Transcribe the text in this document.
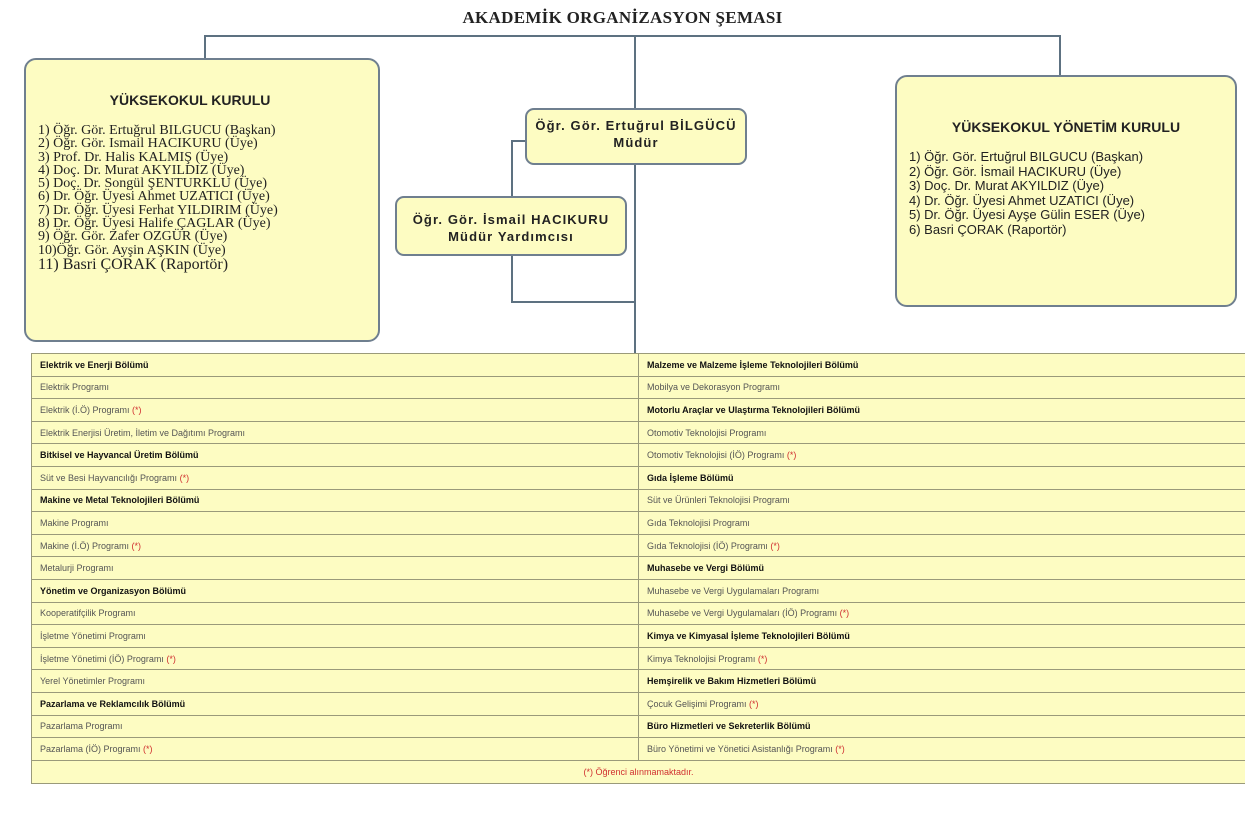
AKADEMİK ORGANİZASYON ŞEMASI
YÜKSEKOKUL KURULU
1) Öğr. Gör. Ertuğrul BILGUCU (Başkan)
2) Öğr. Gör. Ismail HACIKURU (Üye)
3) Prof. Dr. Halis KALMIŞ (Üye)
4) Doç. Dr. Murat AKYILDIZ (Üye)
5) Doç. Dr. Songül ŞENTURKLU (Üye)
6) Dr. Öğr. Üyesi Ahmet UZATICI (Üye)
7) Dr. Öğr. Üyesi Ferhat YILDIRIM (Üye)
8) Dr. Öğr. Üyesi Halife ÇAGLAR (Üye)
9) Öğr. Gör. Zafer OZGÜR (Üye)
10)Öğr. Gör. Ayşin AŞKIN (Üye)
11) Basri ÇORAK (Raportör)
Öğr. Gör. Ertuğrul BİLGÜCÜ
Müdür
Öğr. Gör. İsmail HACIKURU
Müdür Yardımcısı
YÜKSEKOKUL YÖNETİM KURULU
1) Öğr. Gör. Ertuğrul BILGUCU (Başkan)
2) Öğr. Gör. İsmail HACIKURU (Üye)
3) Doç. Dr. Murat AKYILDIZ (Üye)
4) Dr. Öğr. Üyesi Ahmet UZATICI (Üye)
5) Dr. Öğr. Üyesi Ayşe Gülin ESER (Üye)
6) Basri ÇORAK (Raportör)
Elektrik ve Enerji Bölümü	Malzeme ve Malzeme İşleme Teknolojileri Bölümü
Elektrik Programı	Mobilya ve Dekorasyon Programı
Elektrik (İ.Ö) Programı (*)	Motorlu Araçlar ve Ulaştırma Teknolojileri Bölümü
Elektrik Enerjisi Üretim, İletim ve Dağıtımı Programı	Otomotiv Teknolojisi Programı
Bitkisel ve Hayvancal Üretim Bölümü	Otomotiv Teknolojisi (İÖ) Programı (*)
Süt ve Besi Hayvancılığı Programı (*)	Gıda İşleme Bölümü
Makine ve Metal Teknolojileri Bölümü	Süt ve Ürünleri Teknolojisi Programı
Makine Programı	Gıda Teknolojisi Programı
Makine (İ.Ö) Programı (*)	Gıda Teknolojisi (İÖ) Programı (*)
Metalurji Programı	Muhasebe ve Vergi Bölümü
Yönetim ve Organizasyon Bölümü	Muhasebe ve Vergi Uygulamaları Programı
Kooperatifçilik Programı	Muhasebe ve Vergi Uygulamaları (İÖ) Programı (*)
İşletme Yönetimi Programı	Kimya ve Kimyasal İşleme Teknolojileri Bölümü
İşletme Yönetimi (İÖ) Programı (*)	Kimya Teknolojisi Programı (*)
Yerel Yönetimler Programı	Hemşirelik ve Bakım Hizmetleri Bölümü
Pazarlama ve Reklamcılık Bölümü	Çocuk Gelişimi Programı (*)
Pazarlama Programı	Büro Hizmetleri ve Sekreterlik Bölümü
Pazarlama (İÖ) Programı (*)	Büro Yönetimi ve Yönetici Asistanlığı Programı (*)
(*) Öğrenci alınmamaktadır.	
